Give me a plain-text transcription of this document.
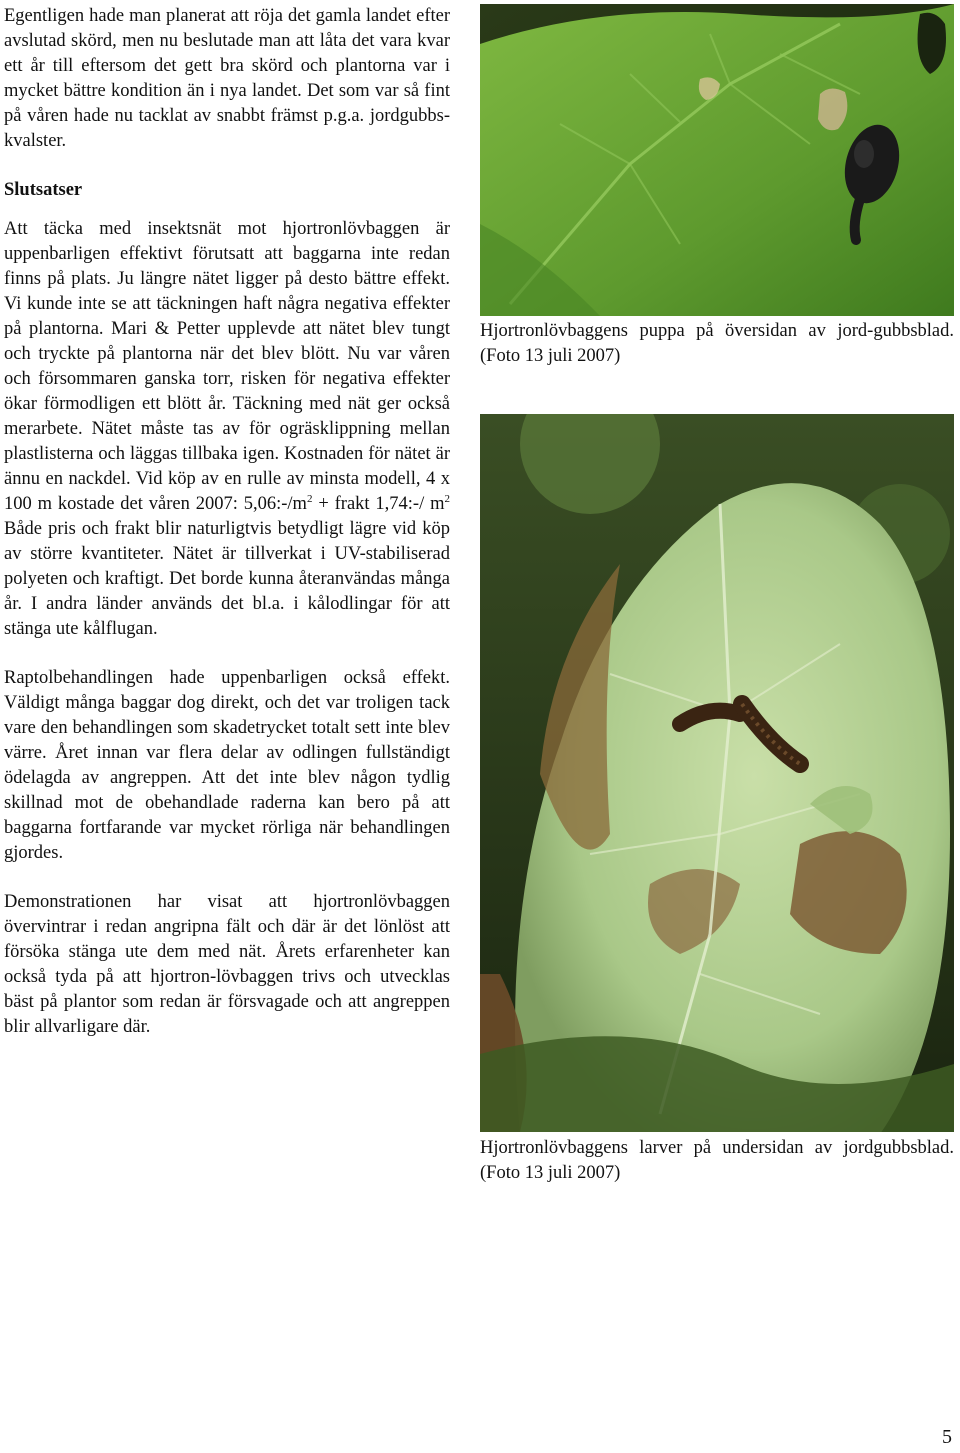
Egentligen hade man planerat att röja det gamla landet efter avslutad skörd, men nu beslutade man att låta det vara kvar ett år till eftersom det gett bra skörd och plantorna var i mycket bättre kondition än i nya landet. Det som var så fint på våren hade nu tacklat av snabbt främst p.g.a. jordgubbs-kvalster.

Slutsatser

Att täcka med insektsnät mot hjortronlövbaggen är uppenbarligen effektivt förutsatt att baggarna inte redan finns på plats. Ju längre nätet ligger på desto bättre effekt. Vi kunde inte se att täckningen haft några negativa effekter på plantorna. Mari & Petter upplevde att nätet blev tungt och tryckte på plantorna när det blev blött. Nu var våren och försommaren ganska torr, risken för negativa effekter ökar förmodligen ett blött år. Täckning med nät ger också merarbete. Nätet måste tas av för ogräsklippning mellan plastlisterna och läggas tillbaka igen. Kostnaden för nätet är ännu en nackdel. Vid köp av en rulle av minsta modell, 4 x 100 m kostade det våren 2007: $5,06:-/m^2$ + frakt 1,74:-/ $m^2$ Både pris och frakt blir naturligtvis betydligt lägre vid köp av större kvantiteter. Nätet är tillverkat i UV-stabiliserad polyeten och kraftigt. Det borde kunna återanvändas många år. I andra länder används det bl.a. i kålodlingar för att stänga ute kålflugan.

Raptolbehandlingen hade uppenbarligen också effekt. Väldigt många baggar dog direkt, och det var troligen tack vare den behandlingen som skadetrycket totalt sett inte blev värre. Året innan var flera delar av odlingen fullständigt ödelagda av angreppen. Att det inte blev någon tydlig skillnad mot de obehandlade raderna kan bero på att baggarna fortfarande var mycket rörliga när behandlingen gjordes.

Demonstrationen har visat att hjortronlövbaggen övervintrar i redan angripna fält och där är det lönlöst att försöka stänga ute dem med nät. Årets erfarenheter kan också tyda på att hjortron-lövbaggen trivs och utvecklas bäst på plantor som redan är försvagade och att angreppen blir allvarligare där.

Hjortronlövbaggens puppa på översidan av jord-gubbsblad. (Foto 13 juli 2007)

Hjortronlövbaggens larver på undersidan av jordgubbsblad. (Foto 13 juli 2007)

5
